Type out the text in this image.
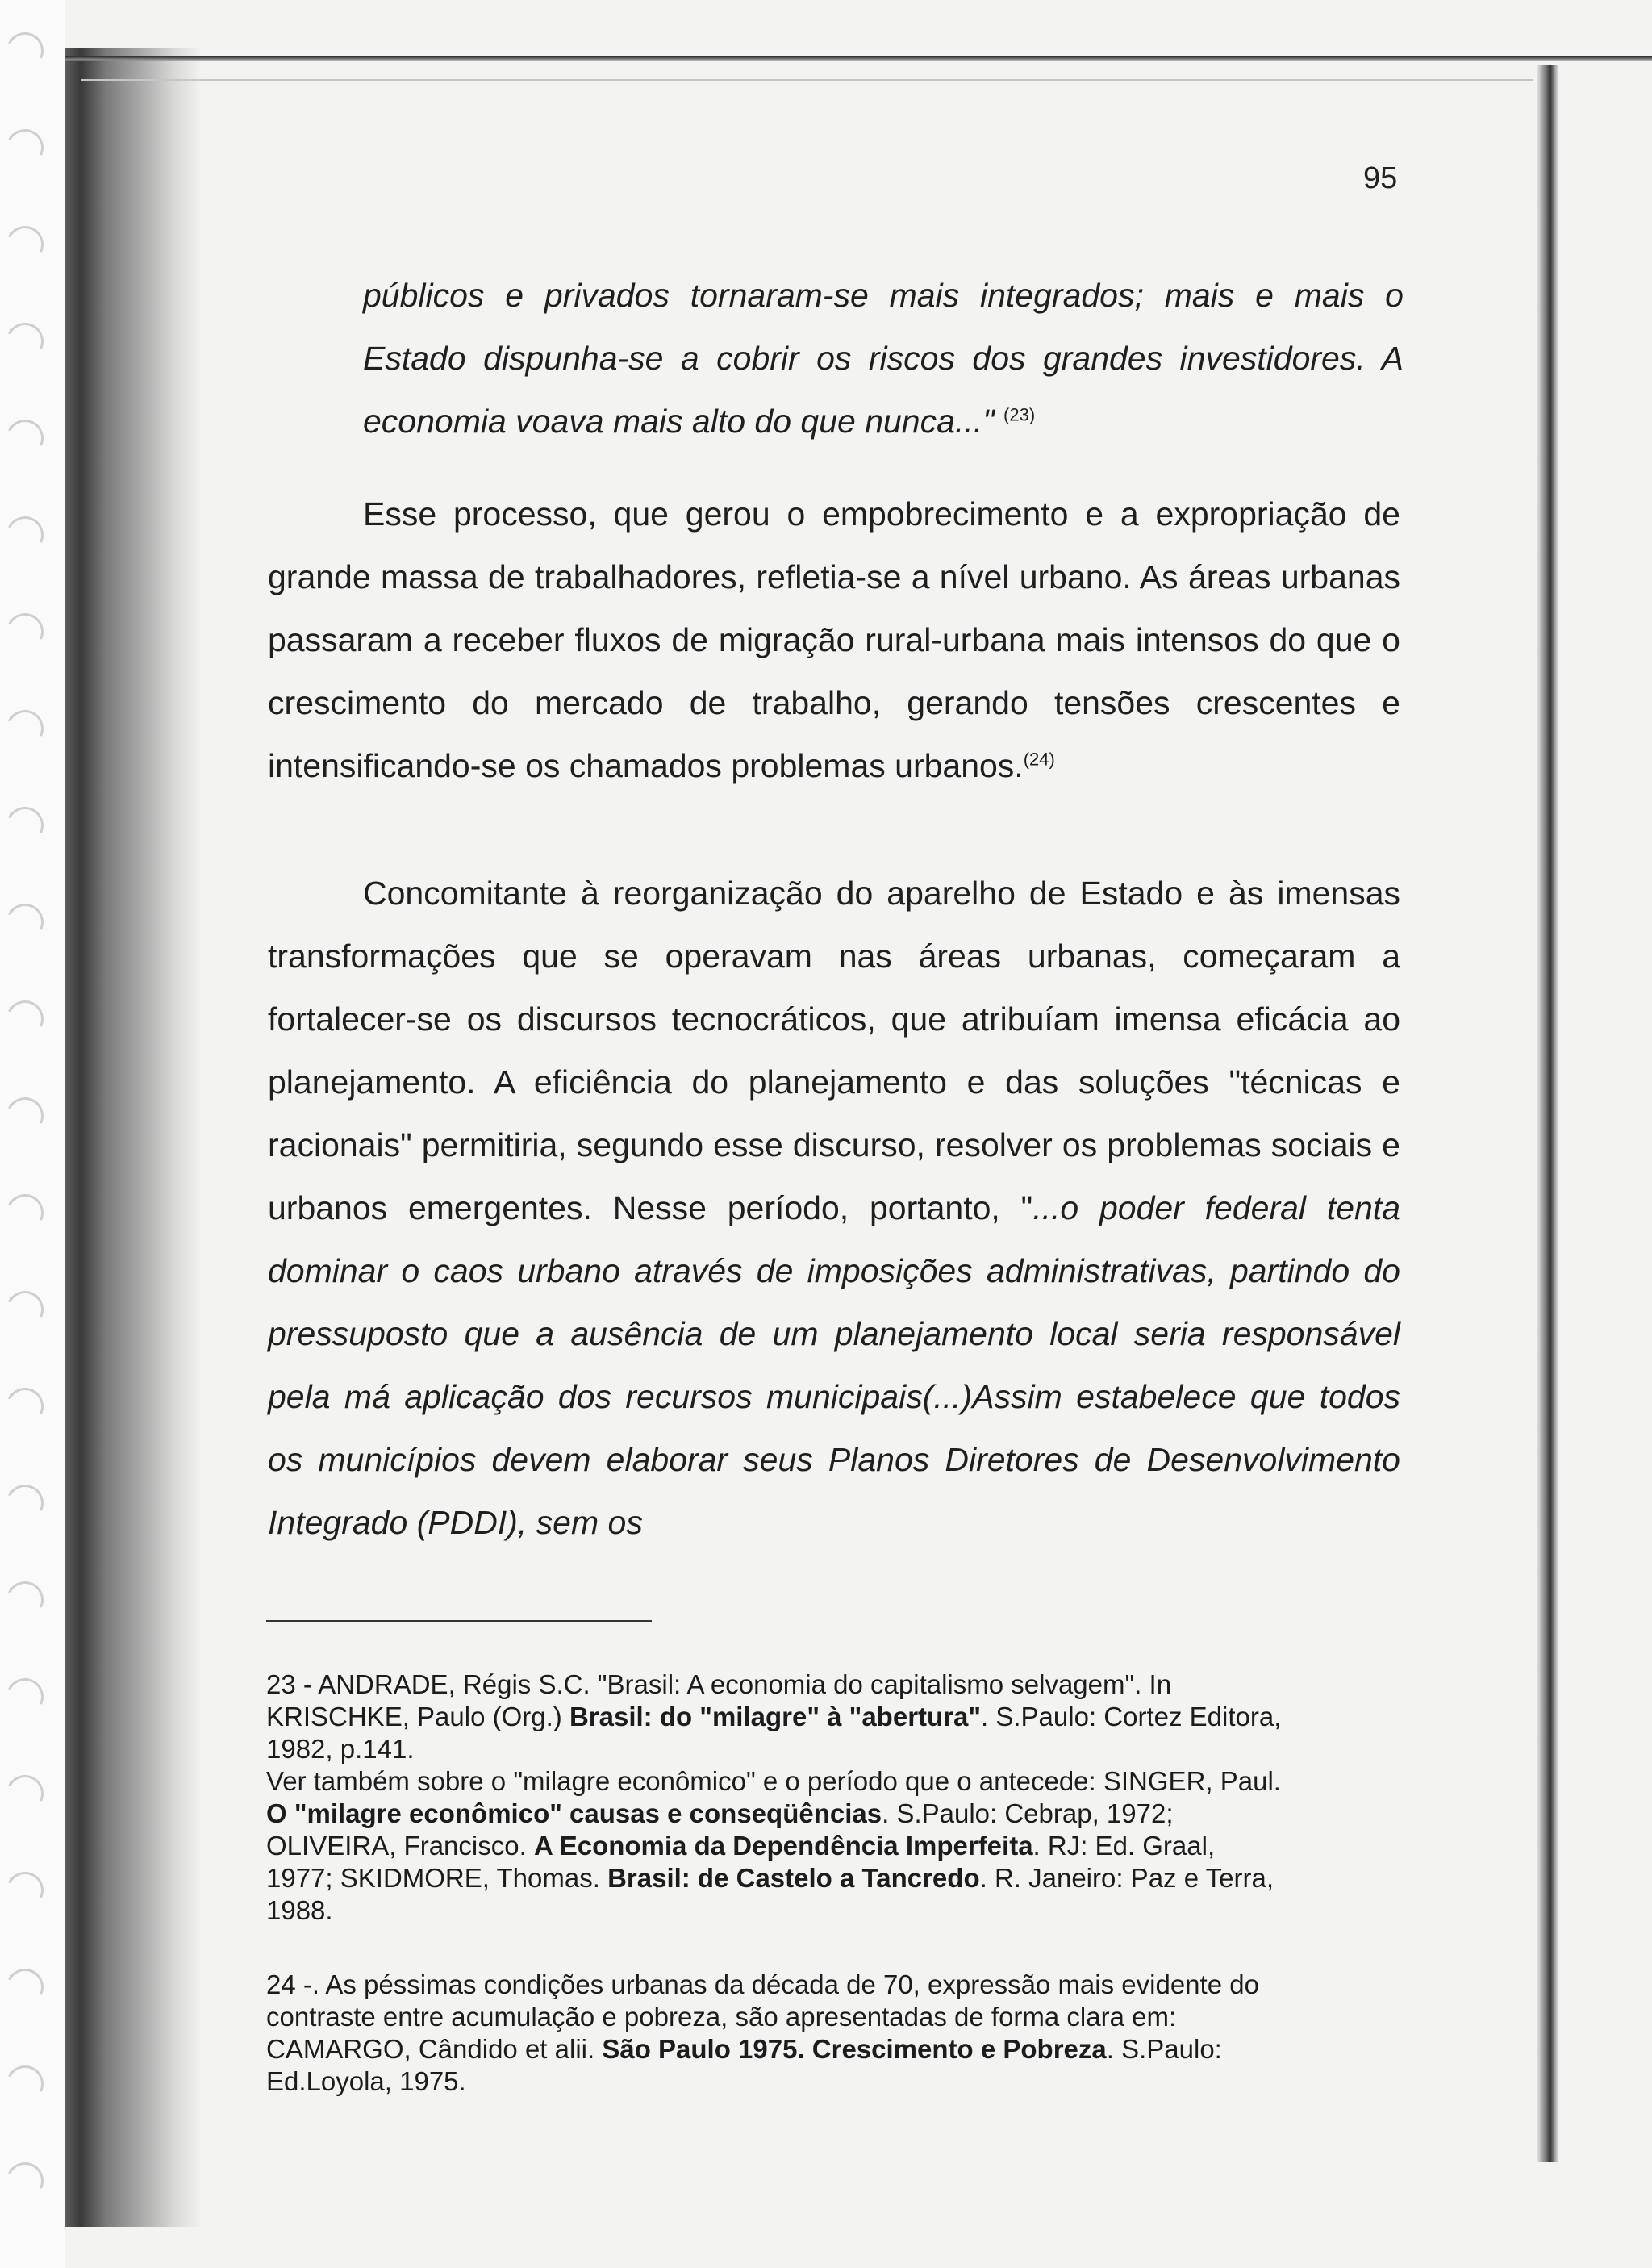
95
públicos e privados tornaram-se mais integrados; mais e mais o Estado dispunha-se a cobrir os riscos dos grandes investidores. A economia voava mais alto do que nunca..." $^{(23)}$
Esse processo, que gerou o empobrecimento e a expropriação de grande massa de trabalhadores, refletia-se a nível urbano. As áreas urbanas passaram a receber fluxos de migração rural-urbana mais intensos do que o crescimento do mercado de trabalho, gerando tensões crescentes e intensificando-se os chamados problemas urbanos.$^{(24)}$
Concomitante à reorganização do aparelho de Estado e às imensas transformações que se operavam nas áreas urbanas, começaram a fortalecer-se os discursos tecnocráticos, que atribuíam imensa eficácia ao planejamento. A eficiência do planejamento e das soluções "técnicas e racionais" permitiria, segundo esse discurso, resolver os problemas sociais e urbanos emergentes. Nesse período, portanto, "...o poder federal tenta dominar o caos urbano através de imposições administrativas, partindo do pressuposto que a ausência de um planejamento local seria responsável pela má aplicação dos recursos municipais(...)Assim estabelece que todos os municípios devem elaborar seus Planos Diretores de Desenvolvimento Integrado (PDDI), sem os
23 - ANDRADE, Régis S.C. "Brasil: A economia do capitalismo selvagem". In KRISCHKE, Paulo (Org.) Brasil: do "milagre" à "abertura". S.Paulo: Cortez Editora, 1982, p.141.
Ver também sobre o "milagre econômico" e o período que o antecede: SINGER, Paul. O "milagre econômico" causas e conseqüências. S.Paulo: Cebrap, 1972; OLIVEIRA, Francisco. A Economia da Dependência Imperfeita. RJ: Ed. Graal, 1977; SKIDMORE, Thomas. Brasil: de Castelo a Tancredo. R. Janeiro: Paz e Terra, 1988.
24 -. As péssimas condições urbanas da década de 70, expressão mais evidente do contraste entre acumulação e pobreza, são apresentadas de forma clara em: CAMARGO, Cândido et alii. São Paulo 1975. Crescimento e Pobreza. S.Paulo: Ed.Loyola, 1975.
